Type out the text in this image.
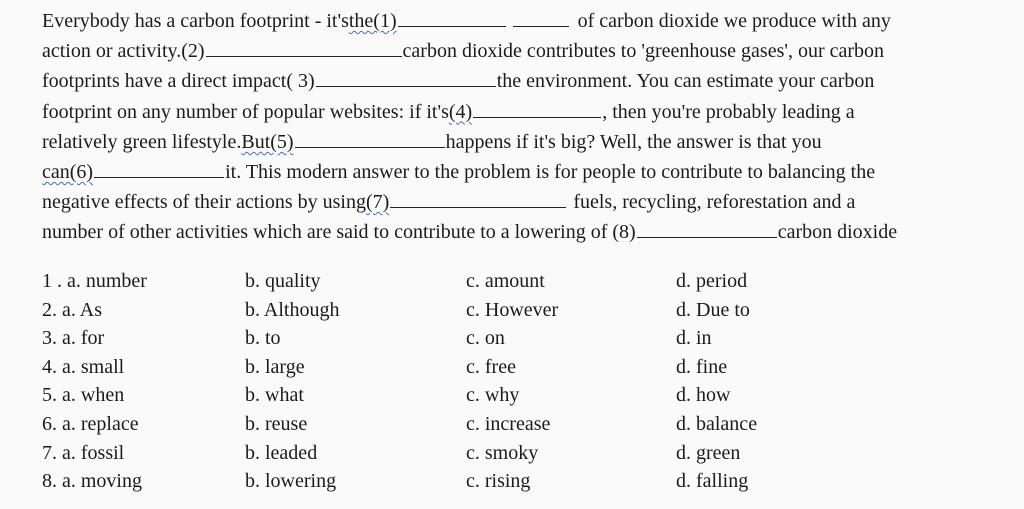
Everybody has a carbon footprint - it's the(1)	of carbon dioxide we produce with any
action or activity.(2)	carbon dioxide contributes to 'greenhouse gases', our carbon
footprints have a direct impact( 3)	the environment. You can estimate your carbon
footprint on any number of popular websites: if it's (4)	, then you're probably leading a
relatively green lifestyle. But(5)	happens if it's big? Well, the answer is that you
can(6)	it. This modern answer to the problem is for people to contribute to balancing the
negative effects of their actions by using (7)	fuels, recycling, reforestation and a
number of other activities which are said to contribute to a lowering of (8)	carbon dioxide
1 . a. number	b. quality	c. amount	d. period
2. a. As	b. Although	c. However	d. Due to
3. a. for	b. to	c. on	d. in
4. a. small	b. large	c. free	d. fine
5. a. when	b. what	c. why	d. how
6. a. replace	b. reuse	c. increase	d. balance
7. a. fossil	b. leaded	c. smoky	d. green
8. a. moving	b. lowering	c. rising	d. falling
